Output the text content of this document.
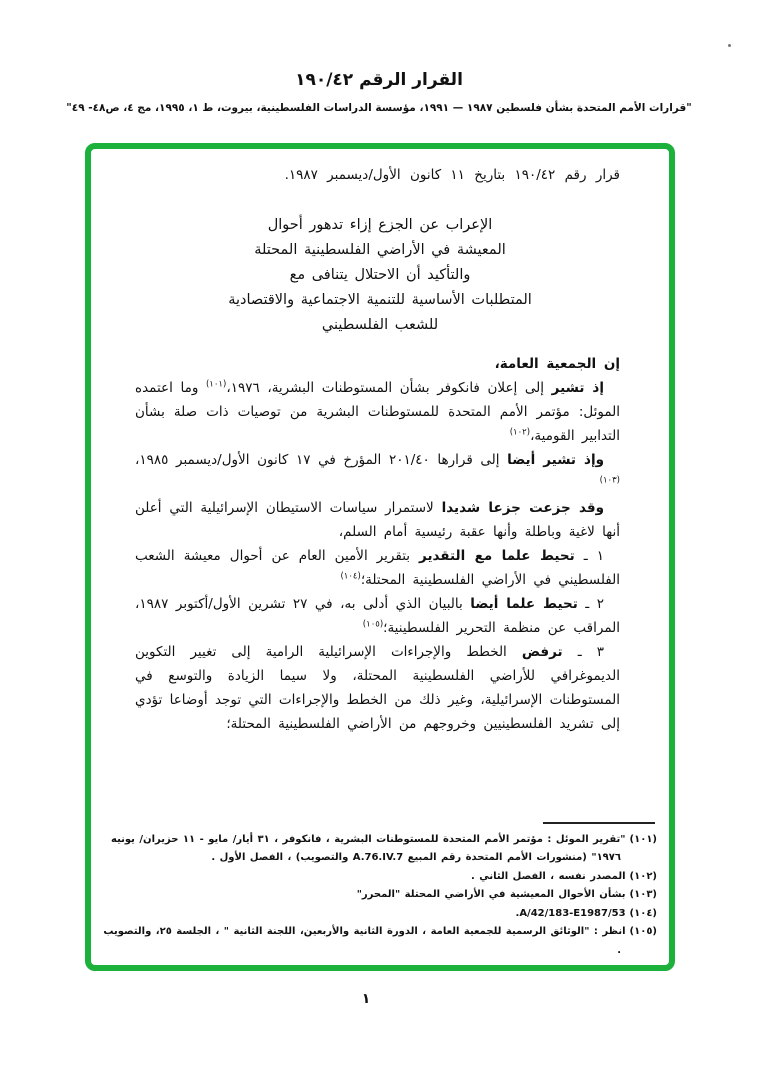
القرار الرقم ١٩٠/٤٢
"قرارات الأمم المتحدة بشأن فلسطين ١٩٨٧ — ١٩٩١، مؤسسة الدراسات الفلسطينية، بيروت، ط ١، ١٩٩٥، مج ٤، ص٤٨- ٤٩"
قرار رقم ١٩٠/٤٢ بتاريخ ١١ كانون الأول/ديسمبر ١٩٨٧.
الإعراب عن الجزع إزاء تدهور أحوال
المعيشة في الأراضي الفلسطينية المحتلة
والتأكيد أن الاحتلال يتنافى مع
المتطلبات الأساسية للتنمية الاجتماعية والاقتصادية
للشعب الفلسطيني

إن الجمعية العامة،

إذ تشير إلى إعلان فانكوفر بشأن المستوطنات البشرية، ١٩٧٦،$^{(١٠١)}$ وما اعتمده الموئل: مؤتمر الأمم المتحدة للمستوطنات البشرية من توصيات ذات صلة بشأن التدابير القومية،$^{(١٠٢)}$

وإذ تشير أيضا إلى قرارها ٢٠١/٤٠ المؤرخ في ١٧ كانون الأول/ديسمبر ١٩٨٥،$^{(١٠٣)}$

وقد جزعت جزعا شديدا لاستمرار سياسات الاستيطان الإسرائيلية التي أعلن أنها لاغية وباطلة وأنها عقبة رئيسية أمام السلم،

١ ـ تحيط علما مع التقدير بتقرير الأمين العام عن أحوال معيشة الشعب الفلسطيني في الأراضي الفلسطينية المحتلة؛$^{(١٠٤)}$

٢ ـ تحيط علما أيضا بالبيان الذي أدلى به، في ٢٧ تشرين الأول/أكتوبر ١٩٨٧، المراقب عن منظمة التحرير الفلسطينية؛$^{(١٠٥)}$

٣ ـ ترفض الخطط والإجراءات الإسرائيلية الرامية إلى تغيير التكوين الديموغرافي للأراضي الفلسطينية المحتلة، ولا سيما الزيادة والتوسع في المستوطنات الإسرائيلية، وغير ذلك من الخطط والإجراءات التي توجد أوضاعا تؤدي إلى تشريد الفلسطينيين وخروجهم من الأراضي الفلسطينية المحتلة؛

(١٠١)"تقرير الموئل : مؤتمر الأمم المتحدة للمستوطنات البشرية ، فانكوفر ، ٣١ أيار/ مايو - ١١ حزيران/ يونيه ١٩٧٦" (منشورات الأمم المتحدة رقم المبيع A.76.IV.7 والتصويب) ، الفصل الأول .
(١٠٢)المصدر نفسه ، الفصل الثاني .
(١٠٣)بشأن الأحوال المعيشية في الأراضي المحتلة "المحرر"
(١٠٤)A/42/183-E1987/53.
(١٠٥)انظر : "الوثائق الرسمية للجمعية العامة ، الدورة الثانية والأربعين، اللجنة الثانية " ، الجلسة ٢٥، والتصويب .
١
